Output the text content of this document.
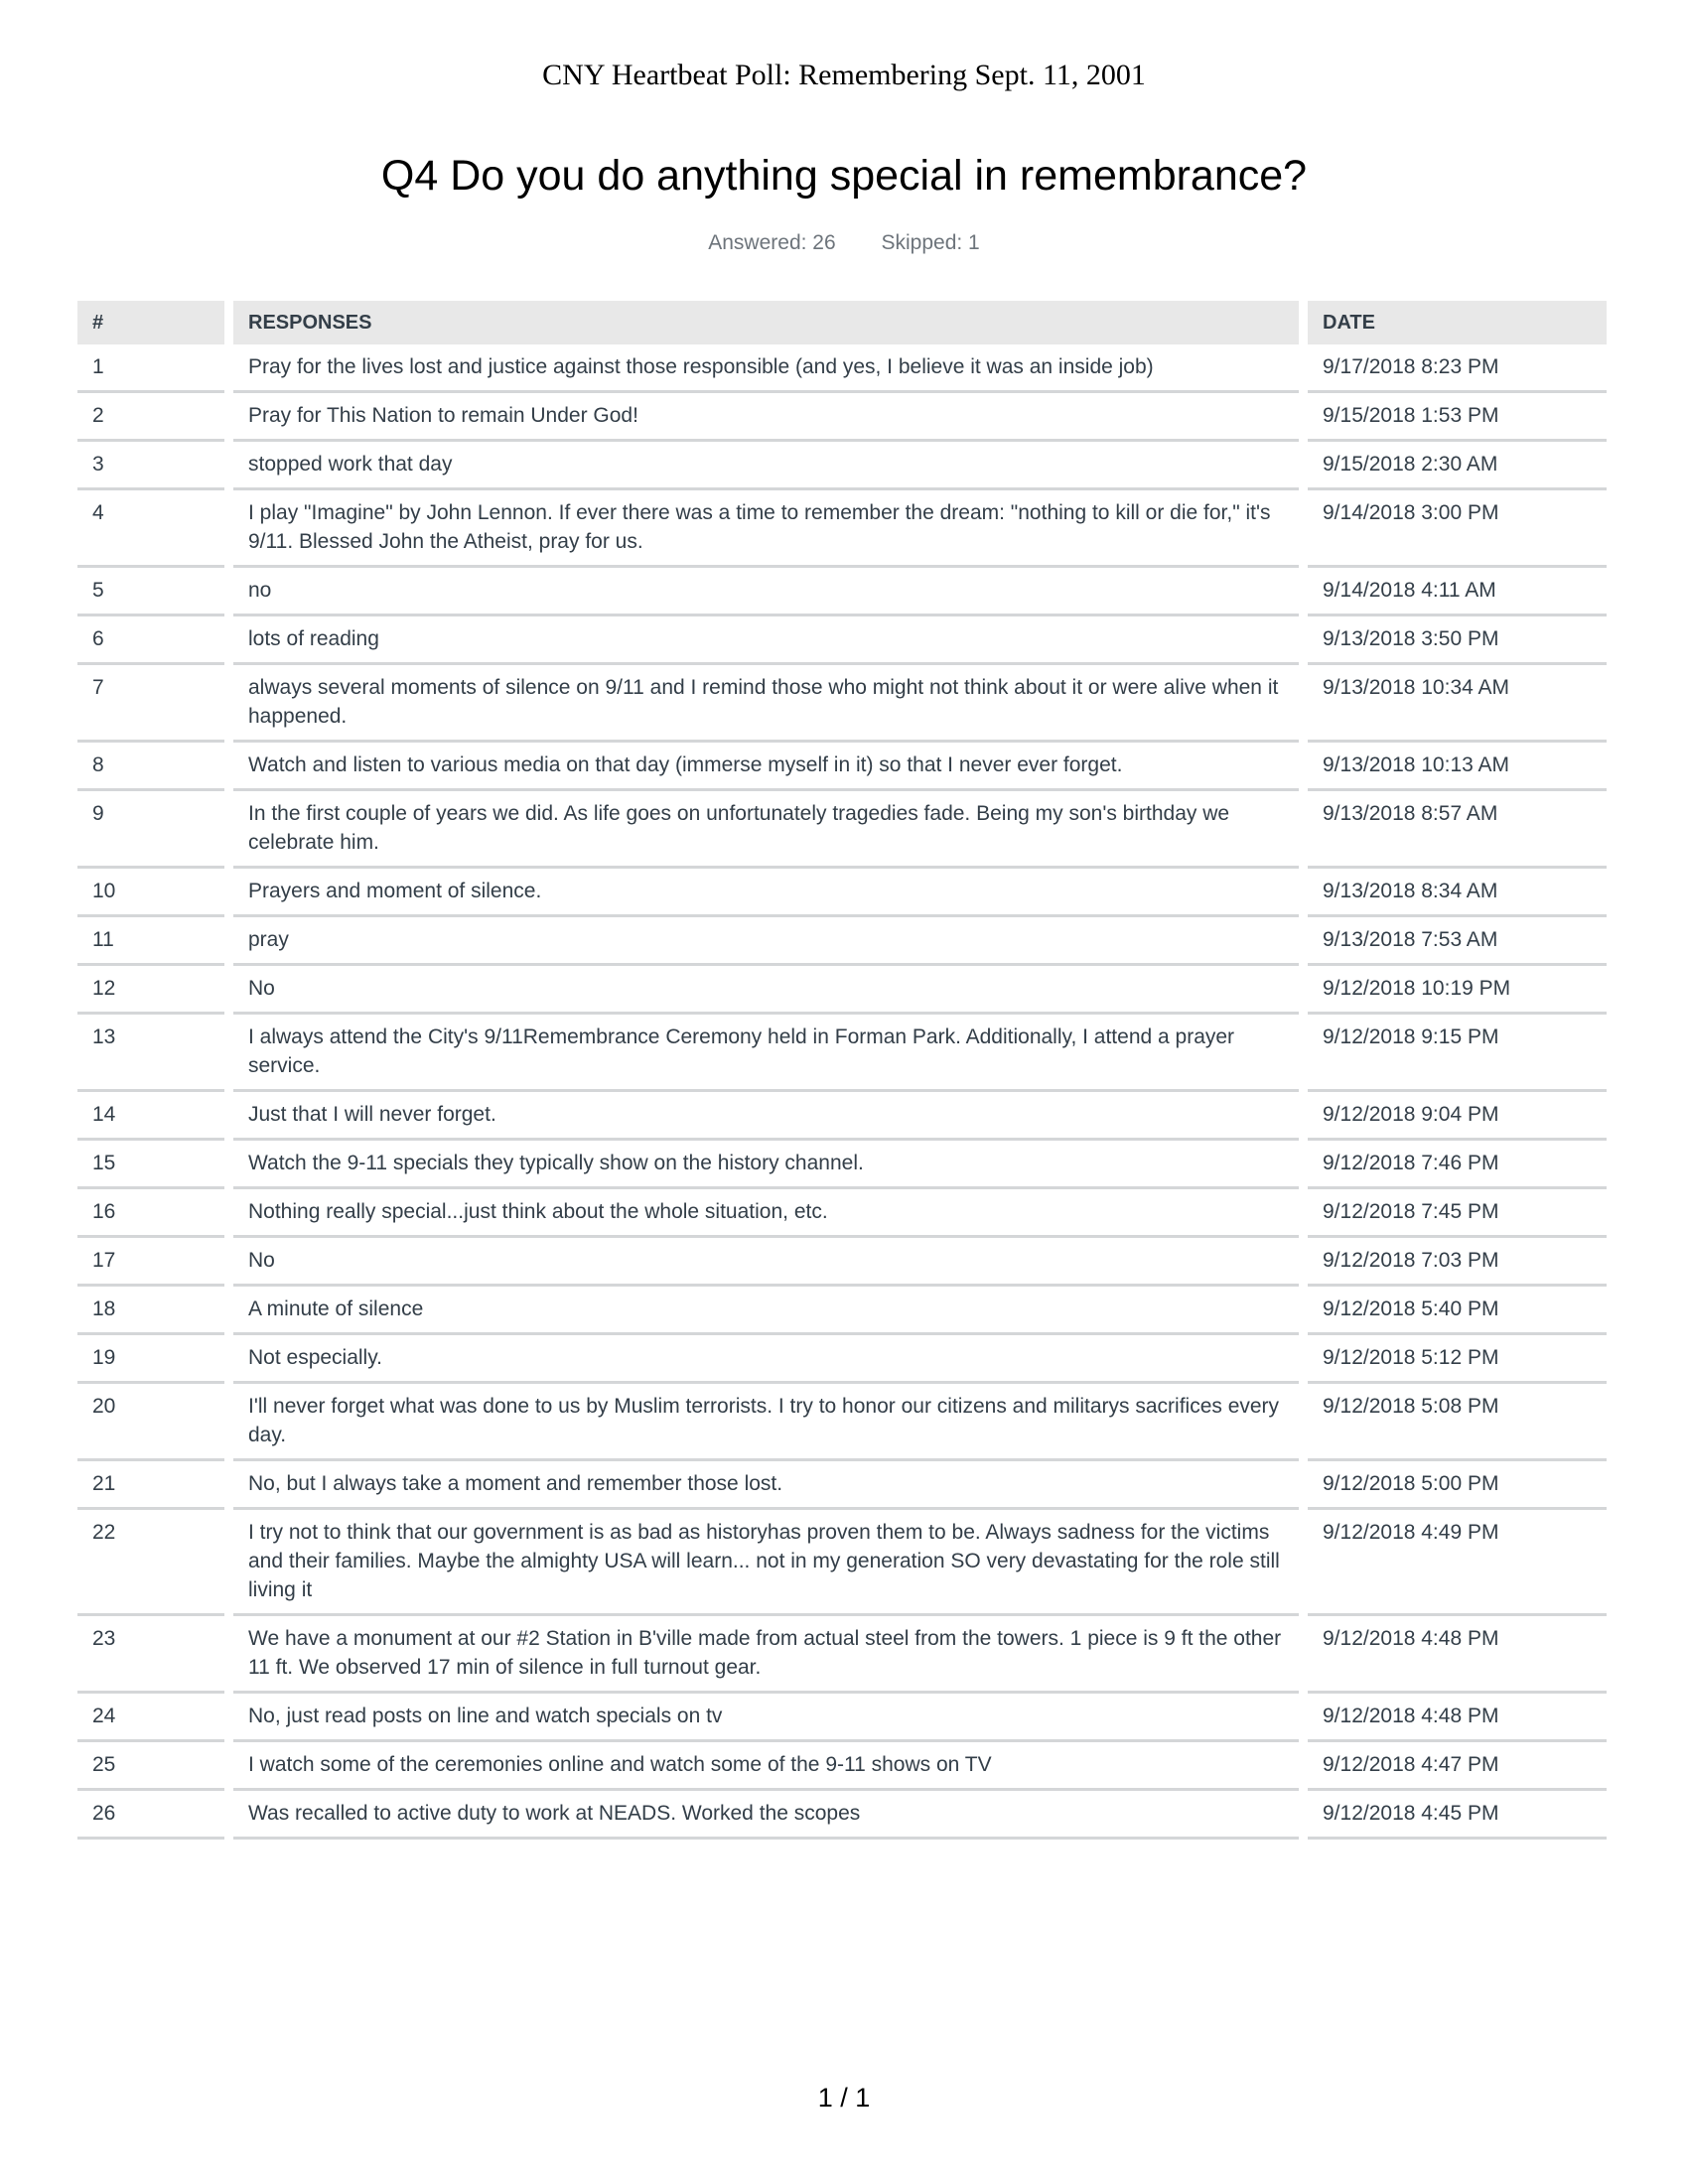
CNY Heartbeat Poll: Remembering Sept. 11, 2001
Q4 Do you do anything special in remembrance?
Answered: 26 Skipped: 1
#	RESPONSES	DATE
1	Pray for the lives lost and justice against those responsible (and yes, I believe it was an inside job)	9/17/2018 8:23 PM
2	Pray for This Nation to remain Under God!	9/15/2018 1:53 PM
3	stopped work that day	9/15/2018 2:30 AM
4	I play "Imagine" by John Lennon. If ever there was a time to remember the dream: "nothing to kill or die for," it's 9/11. Blessed John the Atheist, pray for us.	9/14/2018 3:00 PM
5	no	9/14/2018 4:11 AM
6	lots of reading	9/13/2018 3:50 PM
7	always several moments of silence on 9/11 and I remind those who might not think about it or were alive when it happened.	9/13/2018 10:34 AM
8	Watch and listen to various media on that day (immerse myself in it) so that I never ever forget.	9/13/2018 10:13 AM
9	In the first couple of years we did. As life goes on unfortunately tragedies fade. Being my son's birthday we celebrate him.	9/13/2018 8:57 AM
10	Prayers and moment of silence.	9/13/2018 8:34 AM
11	pray	9/13/2018 7:53 AM
12	No	9/12/2018 10:19 PM
13	I always attend the City's 9/11Remembrance Ceremony held in Forman Park. Additionally, I attend a prayer service.	9/12/2018 9:15 PM
14	Just that I will never forget.	9/12/2018 9:04 PM
15	Watch the 9-11 specials they typically show on the history channel.	9/12/2018 7:46 PM
16	Nothing really special...just think about the whole situation, etc.	9/12/2018 7:45 PM
17	No	9/12/2018 7:03 PM
18	A minute of silence	9/12/2018 5:40 PM
19	Not especially.	9/12/2018 5:12 PM
20	I'll never forget what was done to us by Muslim terrorists. I try to honor our citizens and militarys sacrifices every day.	9/12/2018 5:08 PM
21	No, but I always take a moment and remember those lost.	9/12/2018 5:00 PM
22	I try not to think that our government is as bad as historyhas proven them to be. Always sadness for the victims and their families. Maybe the almighty USA will learn... not in my generation SO very devastating for the role still living it	9/12/2018 4:49 PM
23	We have a monument at our #2 Station in B'ville made from actual steel from the towers. 1 piece is 9 ft the other 11 ft. We observed 17 min of silence in full turnout gear.	9/12/2018 4:48 PM
24	No, just read posts on line and watch specials on tv	9/12/2018 4:48 PM
25	I watch some of the ceremonies online and watch some of the 9-11 shows on TV	9/12/2018 4:47 PM
26	Was recalled to active duty to work at NEADS. Worked the scopes	9/12/2018 4:45 PM
1 / 1
